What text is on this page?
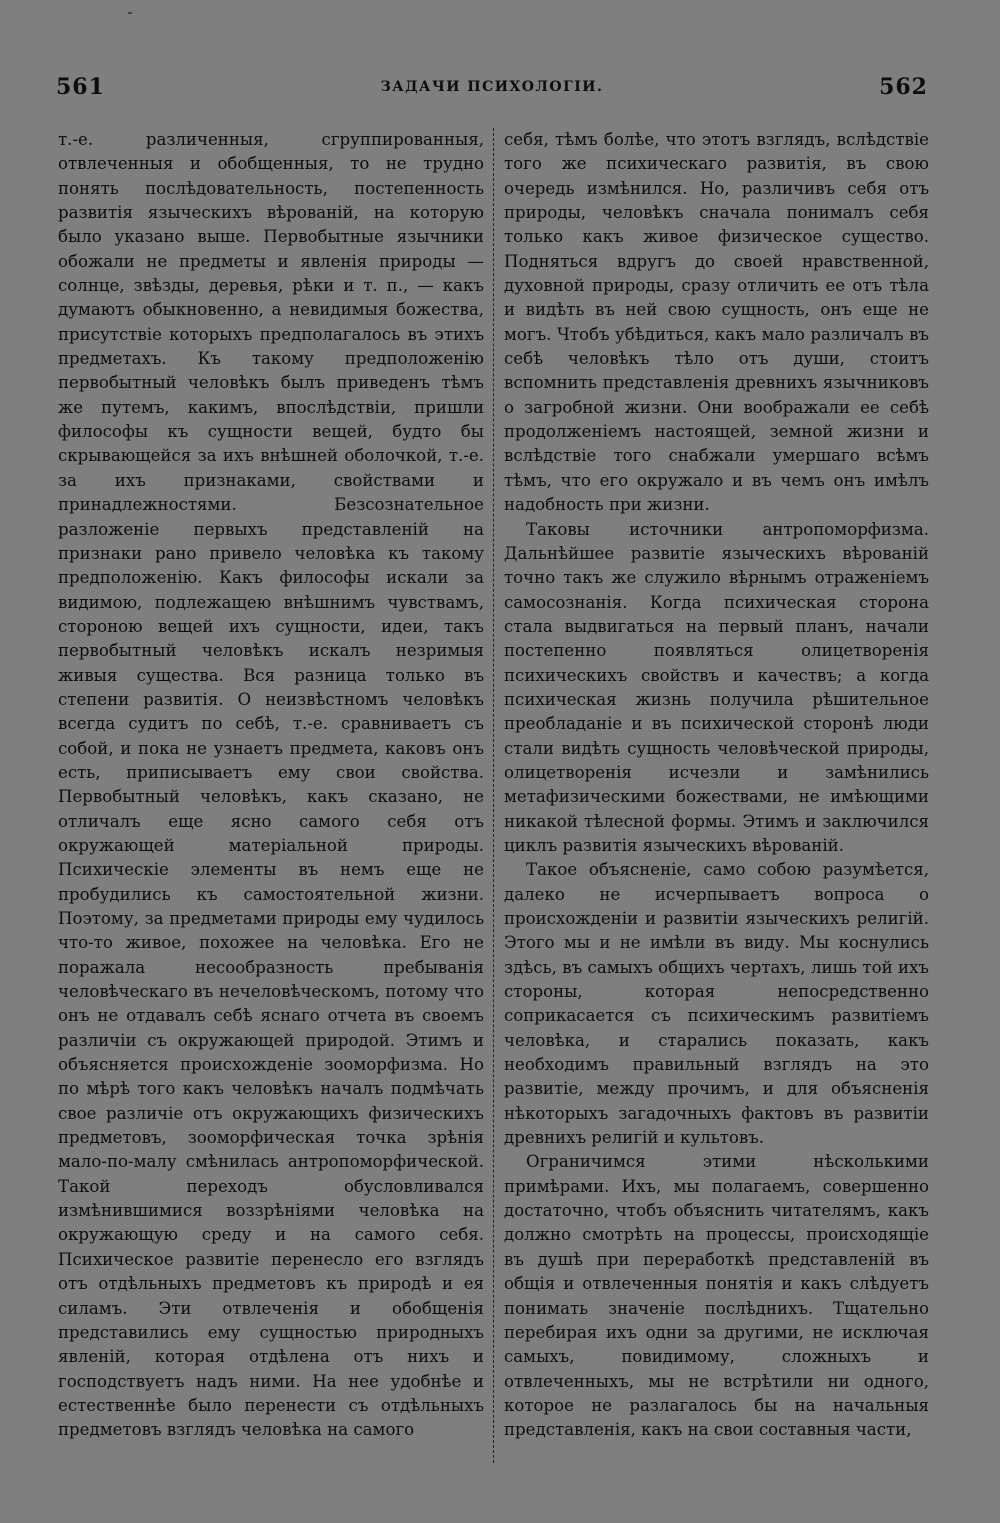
561	ЗАДАЧИ ПСИХОЛОГIИ.	562

т.-е. различенныя, сгруппированныя, отвлеченныя и обобщенныя, то не трудно понять послѣдовательность, постепенность развитія языческихъ вѣрованій, на которую было указано выше. Первобытные язычники обожали не предметы и явленія природы — солнце, звѣзды, деревья, рѣки и т. п., — какъ думаютъ обыкновенно, а невидимыя божества, присутствіе которыхъ предполагалось въ этихъ предметахъ. Къ такому предположенію первобытный человѣкъ былъ приведенъ тѣмъ же путемъ, какимъ, впослѣдствіи, пришли философы къ сущности вещей, будто бы скрывающейся за ихъ внѣшней оболочкой, т.-е. за ихъ признаками, свойствами и принадлежностями. Безсознательное разложеніе первыхъ представленій на признаки рано привело человѣка къ такому предположенію. Какъ философы искали за видимою, подлежащею внѣшнимъ чувствамъ, стороною вещей ихъ сущности, идеи, такъ первобытный человѣкъ искалъ незримыя живыя существа. Вся разница только въ степени развитія. О неизвѣстномъ человѣкъ всегда судитъ по себѣ, т.-е. сравниваетъ съ собой, и пока не узнаетъ предмета, каковъ онъ есть, приписываетъ ему свои свойства. Первобытный человѣкъ, какъ сказано, не отличалъ еще ясно самого себя отъ окружающей матеріальной природы. Психическіе элементы въ немъ еще не пробудились къ самостоятельной жизни. Поэтому, за предметами природы ему чудилось что-то живое, похожее на человѣка. Его не поражала несообразность пребыванія человѣческаго въ нечеловѣческомъ, потому что онъ не отдавалъ себѣ яснаго отчета въ своемъ различіи съ окружающей природой. Этимъ и объясняется происхожденіе зооморфизма. Но по мѣрѣ того какъ человѣкъ началъ подмѣчать свое различіе отъ окружающихъ физическихъ предметовъ, зооморфическая точка зрѣнія мало-по-малу смѣнилась антропоморфической. Такой переходъ обусловливался измѣнившимися воззрѣніями человѣка на окружающую среду и на самого себя. Психическое развитіе перенесло его взглядъ отъ отдѣльныхъ предметовъ къ природѣ и ея силамъ. Эти отвлеченія и обобщенія представились ему сущностью природныхъ явленій, которая отдѣлена отъ нихъ и господствуетъ надъ ними. На нее удобнѣе и естественнѣе было перенести съ отдѣльныхъ предметовъ взглядъ человѣка на самого

себя, тѣмъ болѣе, что этотъ взглядъ, вслѣдствіе того же психическаго развитія, въ свою очередь измѣнился. Но, различивъ себя отъ природы, человѣкъ сначала понималъ себя только какъ живое физическое существо. Подняться вдругъ до своей нравственной, духовной природы, сразу отличить ее отъ тѣла и видѣть въ ней свою сущность, онъ еще не могъ. Чтобъ убѣдиться, какъ мало различалъ въ себѣ человѣкъ тѣло отъ души, стоитъ вспомнить представленія древнихъ язычниковъ о загробной жизни. Они воображали ее себѣ продолженіемъ настоящей, земной жизни и вслѣдствіе того снабжали умершаго всѣмъ тѣмъ, что его окружало и въ чемъ онъ имѣлъ надобность при жизни.

Таковы источники антропоморфизма. Дальнѣйшее развитіе языческихъ вѣрованій точно такъ же служило вѣрнымъ отраженіемъ самосознанія. Когда психическая сторона стала выдвигаться на первый планъ, начали постепенно появляться олицетворенія психическихъ свойствъ и качествъ; а когда психическая жизнь получила рѣшительное преобладаніе и въ психической сторонѣ люди стали видѣть сущность человѣческой природы, олицетворенія исчезли и замѣнились метафизическими божествами, не имѣющими никакой тѣлесной формы. Этимъ и заключился циклъ развитія языческихъ вѣрованій.

Такое объясненіе, само собою разумѣется, далеко не исчерпываетъ вопроса о происхожденіи и развитіи языческихъ религій. Этого мы и не имѣли въ виду. Мы коснулись здѣсь, въ самыхъ общихъ чертахъ, лишь той ихъ стороны, которая непосредственно соприкасается съ психическимъ развитіемъ человѣка, и старались показать, какъ необходимъ правильный взглядъ на это развитіе, между прочимъ, и для объясненія нѣкоторыхъ загадочныхъ фактовъ въ развитіи древнихъ религій и культовъ.

Ограничимся этими нѣсколькими примѣрами. Ихъ, мы полагаемъ, совершенно достаточно, чтобъ объяснить читателямъ, какъ должно смотрѣть на процессы, происходящіе въ душѣ при переработкѣ представленій въ общія и отвлеченныя понятія и какъ слѣдуетъ понимать значеніе послѣднихъ. Тщательно перебирая ихъ одни за другими, не исключая самыхъ, повидимому, сложныхъ и отвлеченныхъ, мы не встрѣтили ни одного, которое не разлагалось бы на начальныя представленія, какъ на свои составныя части,
